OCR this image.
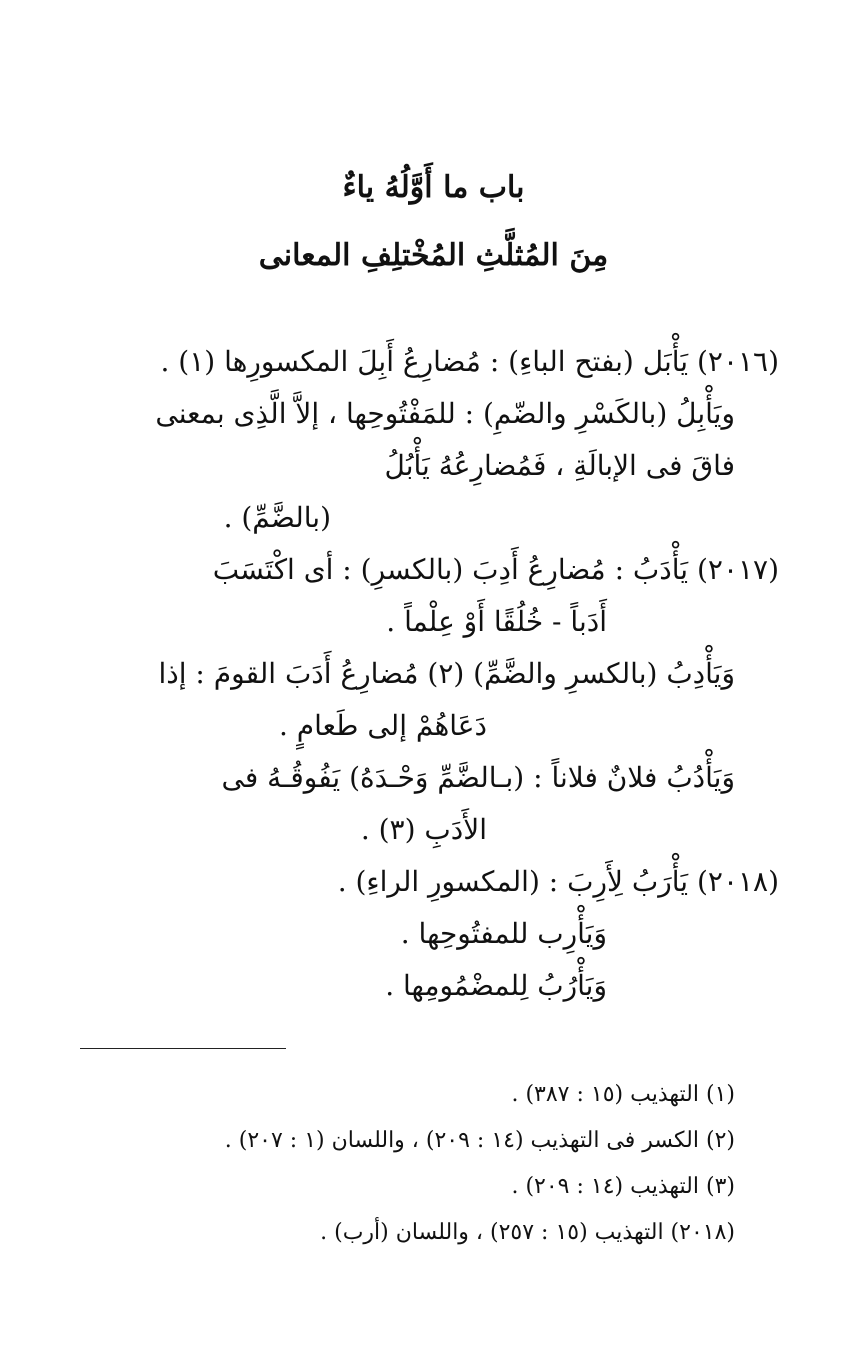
باب ما أَوَّلُهُ ياءٌ

مِنَ المُثلَّثِ المُخْتلِفِ المعانى

(٢٠١٦) يَأْبَل (بفتح الباءِ) : مُضارِعُ أَبِلَ المكسورِها (١) .
ويَأْبِلُ (بالكَسْرِ والضّمِ) : للمَفْتُوحِها ، إلاَّ الَّذِى بمعنى
فاقَ فى الإبالَةِ ، فَمُضارِعُهُ يَأْبُلُ
(بالضَّمِّ) .
(٢٠١٧) يَأْدَبُ : مُضارِعُ أَدِبَ (بالكسرِ) : أى اكْتَسَبَ
أَدَباً - خُلُقًا أَوْ عِلْماً .
وَيَأْدِبُ (بالكسرِ والضَّمِّ) (٢) مُضارِعُ أَدَبَ القومَ : إذا
دَعَاهُمْ إلى طَعامٍ .
وَيَأْدُبُ فلانٌ فلاناً : (بـالضَّمِّ وَحْـدَهُ) يَفُوقُـهُ فى
الأَدَبِ (٣) .
(٢٠١٨) يَأْرَبُ لِأَرِبَ : (المكسورِ الراءِ) .
وَيَأْرِب للمفتُوحِها .
وَيَأْرُبُ لِلمضْمُومِها .
(١) التهذيب (١٥ : ٣٨٧) .
(٢) الكسر فى التهذيب (١٤ : ٢٠٩) ، واللسان (١ : ٢٠٧) .
(٣) التهذيب (١٤ : ٢٠٩) .
(٢٠١٨) التهذيب (١٥ : ٢٥٧) ، واللسان (أرب) .
